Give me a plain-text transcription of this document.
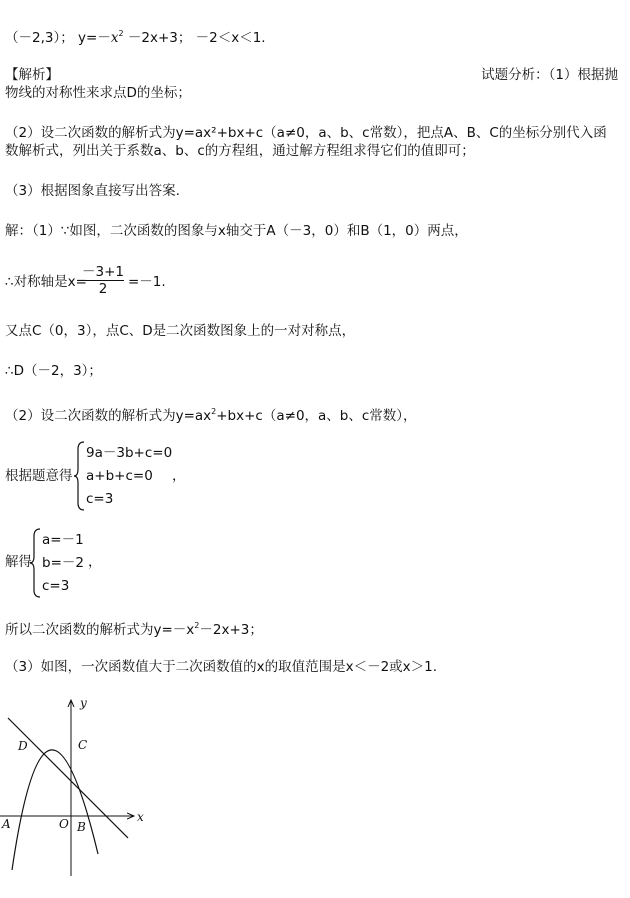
（－2,3）； $y=-x^2 -2x+3$； －2＜x＜1.
【解析】	试题分析：（1）根据抛
物线的对称性来求点D的坐标；
（2）设二次函数的解析式为y=ax²+bx+c（a≠0，a、b、c常数），把点A、B、C的坐标分别代入函
数解析式，列出关于系数a、b、c的方程组，通过解方程组求得它们的值即可；
（3）根据图象直接写出答案.
解：（1）∵如图，二次函数的图象与x轴交于A（－3，0）和B（1，0）两点，
∴对称轴是x=
－3+1
2 =－1.
又点C（0，3），点C、D是二次函数图象上的一对对称点，
∴D（－2，3）；
（2）设二次函数的解析式为$y=ax^2+bx+c(a\ne 0$，a、b、c常数），
根据题意得
9a－3b+c=0
a+b+c=0
c=3
，
解得
a=－1
b=－2
c=3
，
所以二次函数的解析式为$y=-x^2-2x+3$；
（3）如图，一次函数值大于二次函数值的x的取值范围是x＜－2或x＞1.
y
x
D	C
A	O B
